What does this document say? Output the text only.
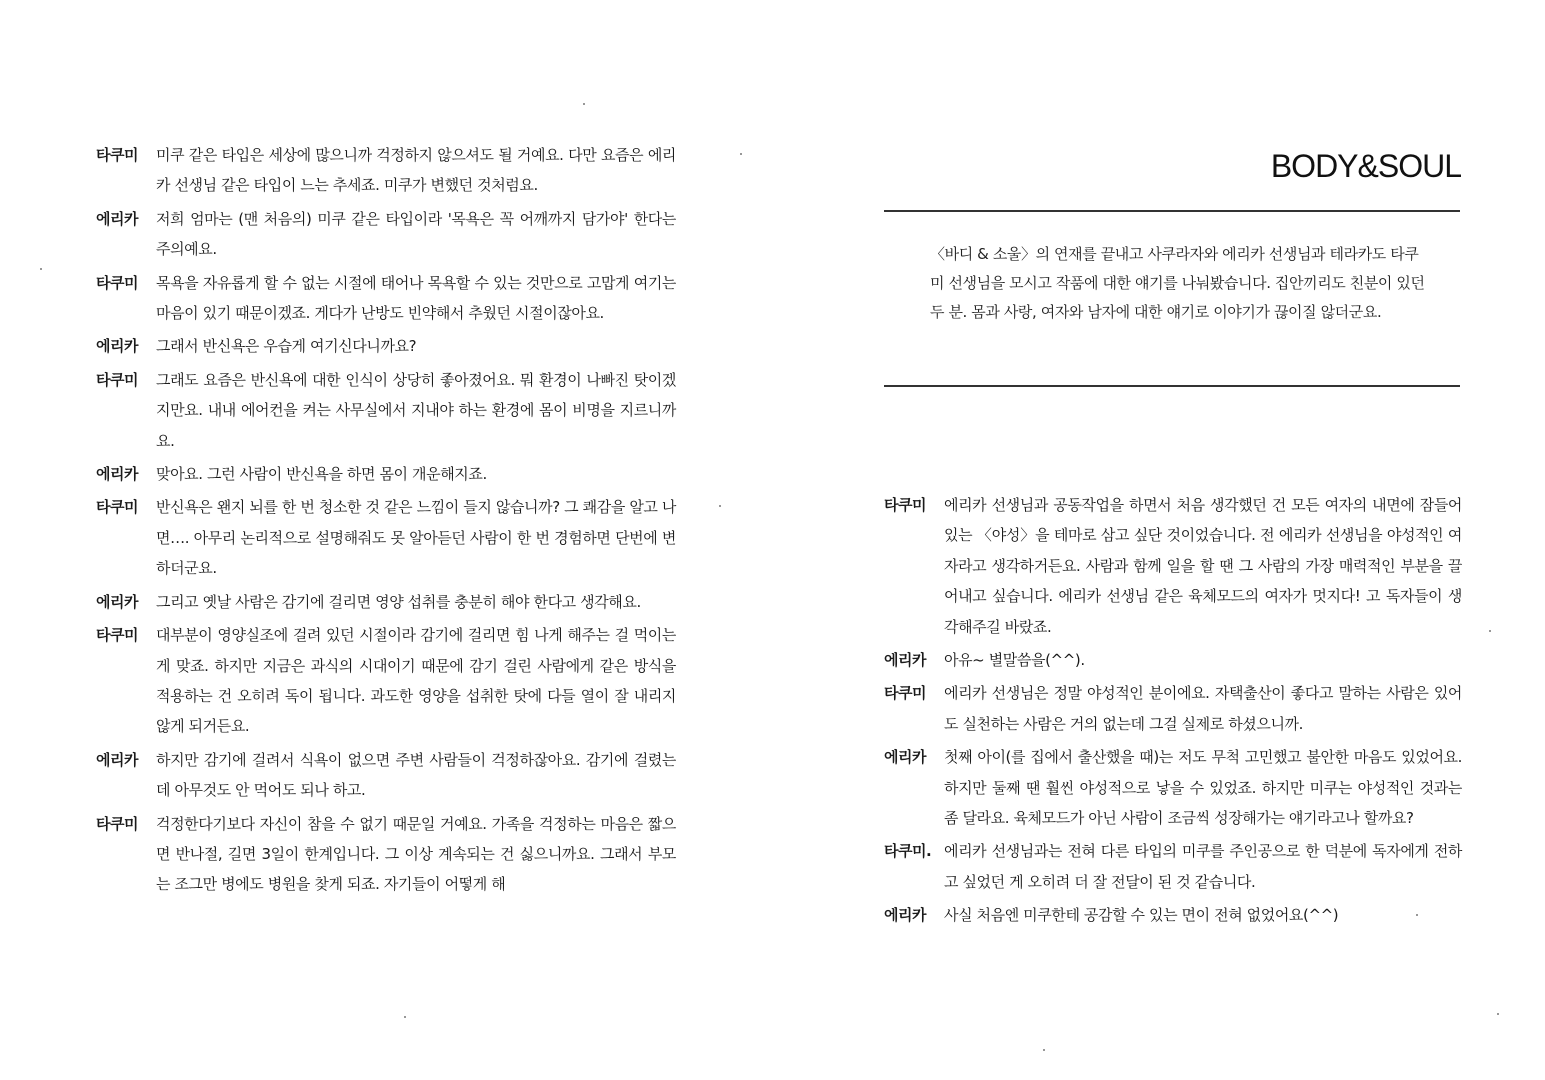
타쿠미	미쿠 같은 타입은 세상에 많으니까 걱정하지 않으셔도 될 거예요. 다만 요즘은 에리카 선생님 같은 타입이 느는 추세죠. 미쿠가 변했던 것처럼요.
에리카	저희 엄마는 (맨 처음의) 미쿠 같은 타입이라 '목욕은 꼭 어깨까지 담가야' 한다는 주의예요.
타쿠미	목욕을 자유롭게 할 수 없는 시절에 태어나 목욕할 수 있는 것만으로 고맙게 여기는 마음이 있기 때문이겠죠. 게다가 난방도 빈약해서 추웠던 시절이잖아요.
에리카	그래서 반신욕은 우습게 여기신다니까요?
타쿠미	그래도 요즘은 반신욕에 대한 인식이 상당히 좋아졌어요. 뭐 환경이 나빠진 탓이겠지만요. 내내 에어컨을 켜는 사무실에서 지내야 하는 환경에 몸이 비명을 지르니까요.
에리카	맞아요. 그런 사람이 반신욕을 하면 몸이 개운해지죠.
타쿠미	반신욕은 왠지 뇌를 한 번 청소한 것 같은 느낌이 들지 않습니까? 그 쾌감을 알고 나면…. 아무리 논리적으로 설명해줘도 못 알아듣던 사람이 한 번 경험하면 단번에 변하더군요.
에리카	그리고 옛날 사람은 감기에 걸리면 영양 섭취를 충분히 해야 한다고 생각해요.
타쿠미	대부분이 영양실조에 걸려 있던 시절이라 감기에 걸리면 힘 나게 해주는 걸 먹이는 게 맞죠. 하지만 지금은 과식의 시대이기 때문에 감기 걸린 사람에게 같은 방식을 적용하는 건 오히려 독이 됩니다. 과도한 영양을 섭취한 탓에 다들 열이 잘 내리지 않게 되거든요.
에리카	하지만 감기에 걸려서 식욕이 없으면 주변 사람들이 걱정하잖아요. 감기에 걸렸는데 아무것도 안 먹어도 되나 하고.
타쿠미	걱정한다기보다 자신이 참을 수 없기 때문일 거예요. 가족을 걱정하는 마음은 짧으면 반나절, 길면 3일이 한계입니다. 그 이상 계속되는 건 싫으니까요. 그래서 부모는 조그만 병에도 병원을 찾게 되죠. 자기들이 어떻게 해
BODY&SOUL
〈바디 & 소울〉의 연재를 끝내고 사쿠라자와 에리카 선생님과 테라카도 타쿠미 선생님을 모시고 작품에 대한 얘기를 나눠봤습니다. 집안끼리도 친분이 있던 두 분. 몸과 사랑, 여자와 남자에 대한 얘기로 이야기가 끊이질 않더군요.
타쿠미	에리카 선생님과 공동작업을 하면서 처음 생각했던 건 모든 여자의 내면에 잠들어 있는 〈야성〉을 테마로 삼고 싶단 것이었습니다. 전 에리카 선생님을 야성적인 여자라고 생각하거든요. 사람과 함께 일을 할 땐 그 사람의 가장 매력적인 부분을 끌어내고 싶습니다. 에리카 선생님 같은 육체모드의 여자가 멋지다! 고 독자들이 생각해주길 바랐죠.
에리카	아유~ 별말씀을(^^).
타쿠미	에리카 선생님은 정말 야성적인 분이에요. 자택출산이 좋다고 말하는 사람은 있어도 실천하는 사람은 거의 없는데 그걸 실제로 하셨으니까.
에리카	첫째 아이(를 집에서 출산했을 때)는 저도 무척 고민했고 불안한 마음도 있었어요. 하지만 둘째 땐 훨씬 야성적으로 낳을 수 있었죠. 하지만 미쿠는 야성적인 것과는 좀 달라요. 육체모드가 아닌 사람이 조금씩 성장해가는 얘기라고나 할까요?
타쿠미. 에리카 선생님과는 전혀 다른 타입의 미쿠를 주인공으로 한 덕분에 독자에게 전하고 싶었던 게 오히려 더 잘 전달이 된 것 같습니다.
에리카	사실 처음엔 미쿠한테 공감할 수 있는 면이 전혀 없었어요(^^)
